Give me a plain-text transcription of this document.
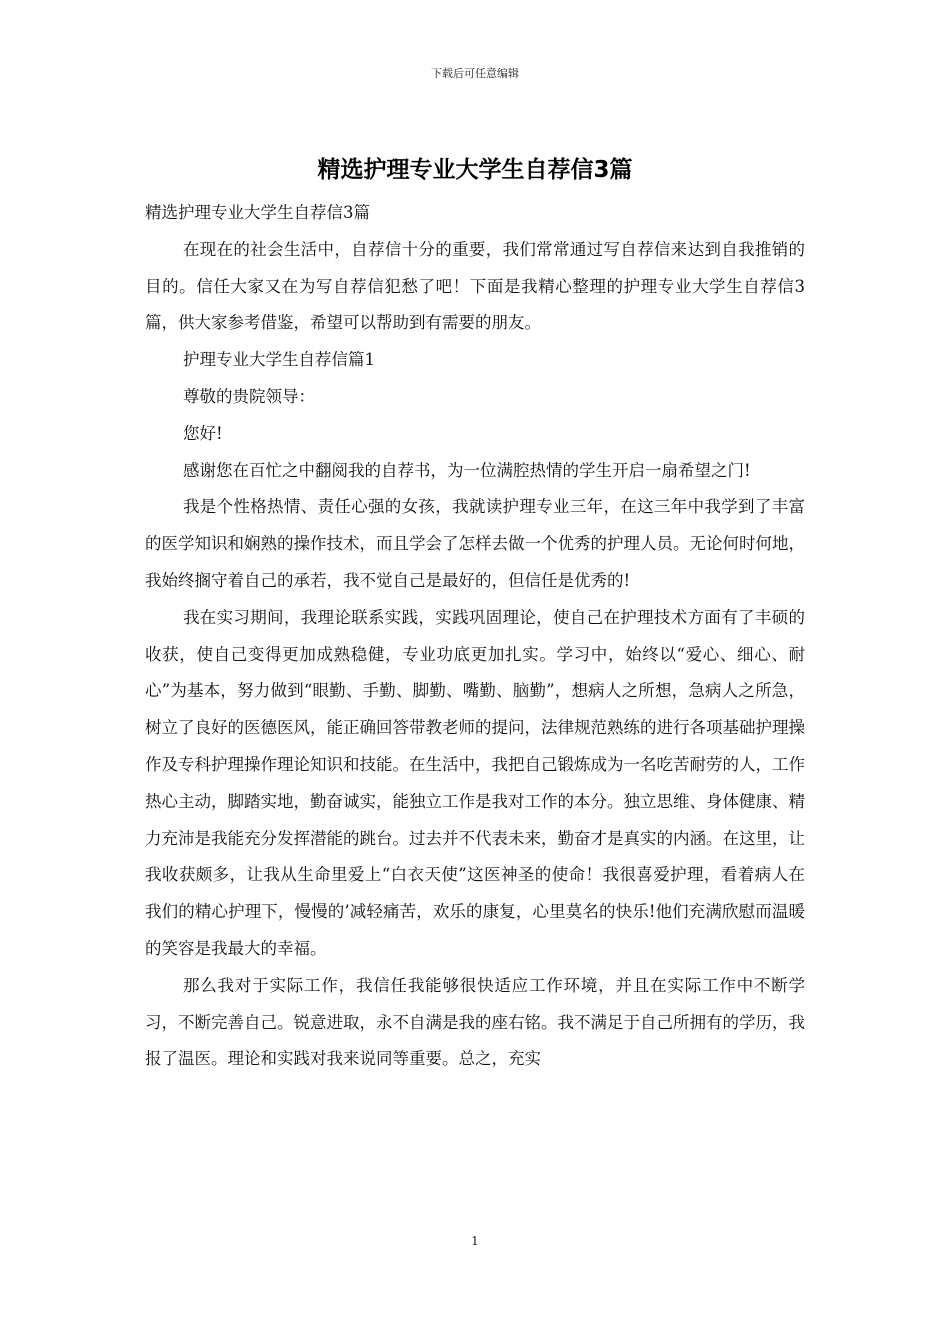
下载后可任意编辑
精选护理专业大学生自荐信3篇

精选护理专业大学生自荐信3篇

在现在的社会生活中，自荐信十分的重要，我们常常通过写自荐信来达到自我推销的目的。信任大家又在为写自荐信犯愁了吧！下面是我精心整理的护理专业大学生自荐信3篇，供大家参考借鉴，希望可以帮助到有需要的朋友。

护理专业大学生自荐信篇1

尊敬的贵院领导：

您好!

感谢您在百忙之中翻阅我的自荐书，为一位满腔热情的学生开启一扇希望之门!

我是个性格热情、责任心强的女孩，我就读护理专业三年，在这三年中我学到了丰富的医学知识和娴熟的操作技术，而且学会了怎样去做一个优秀的护理人员。无论何时何地，我始终搁守着自己的承若，我不觉自己是最好的，但信任是优秀的!

我在实习期间，我理论联系实践，实践巩固理论，使自己在护理技术方面有了丰硕的收获，使自己变得更加成熟稳健，专业功底更加扎实。学习中，始终以“爱心、细心、耐心”为基本，努力做到“眼勤、手勤、脚勤、嘴勤、脑勤”，想病人之所想，急病人之所急，树立了良好的医德医风，能正确回答带教老师的提问，法律规范熟练的进行各项基础护理操作及专科护理操作理论知识和技能。在生活中，我把自己锻炼成为一名吃苦耐劳的人，工作热心主动，脚踏实地，勤奋诚实，能独立工作是我对工作的本分。独立思维、身体健康、精力充沛是我能充分发挥潜能的跳台。过去并不代表未来，勤奋才是真实的内涵。在这里，让我收获颇多，让我从生命里爱上“白衣天使”这医神圣的使命！我很喜爱护理，看着病人在我们的精心护理下，慢慢的’减轻痛苦，欢乐的康复，心里莫名的快乐!他们充满欣慰而温暖的笑容是我最大的幸福。

那么我对于实际工作，我信任我能够很快适应工作环境，并且在实际工作中不断学习，不断完善自己。锐意进取，永不自满是我的座右铭。我不满足于自己所拥有的学历，我报了温医。理论和实践对我来说同等重要。总之，充实

1
